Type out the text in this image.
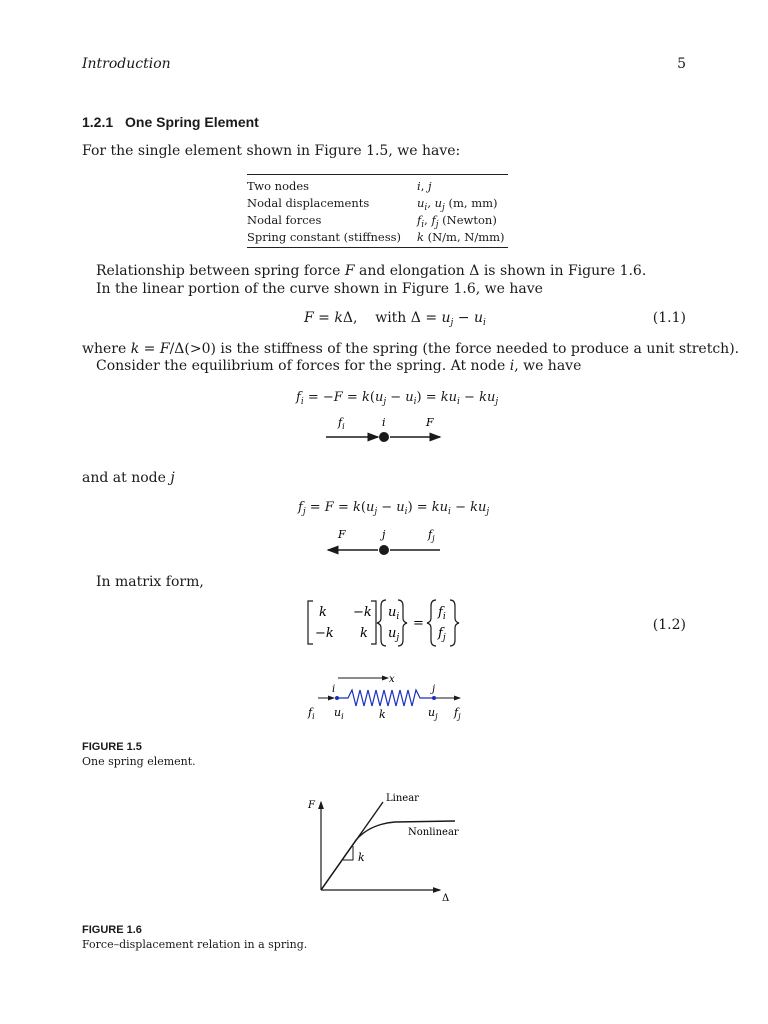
Introduction	5
1.2.1 One Spring Element
For the single element shown in Figure 1.5, we have:
Two nodes	i, j
Nodal displacements	$u_i$, $u_j$ (m, mm)
Nodal forces	$f_i$, $f_j$ (Newton)
Spring constant (stiffness)	k (N/m, N/mm)
Relationship between spring force F and elongation Δ is shown in Figure 1.6.
In the linear portion of the curve shown in Figure 1.6, we have
F = kΔ,    with $\Delta = u_j - u_i$	(1.1)
where k = F/Δ(>0) is the stiffness of the spring (the force needed to produce a unit stretch).
Consider the equilibrium of forces for the spring. At node i, we have
$f_i = -F = k(u_j - u_i) = ku_i - ku_j$
$f_i$	i	F
and at node j
$f_j = F = k(u_j - u_i) = ku_i - ku_j$
F	j	$f_j$
In matrix form,
k −k
−k k
$u_i$
$u_j$
=
$f_i$
$f_j$
(1.2)
x
i	j
$f_i$ $u_i$	k	$u_j$ $f_j$
FIGURE 1.5
One spring element.
F
Δ
k
Linear
Nonlinear
FIGURE 1.6
Force–displacement relation in a spring.
